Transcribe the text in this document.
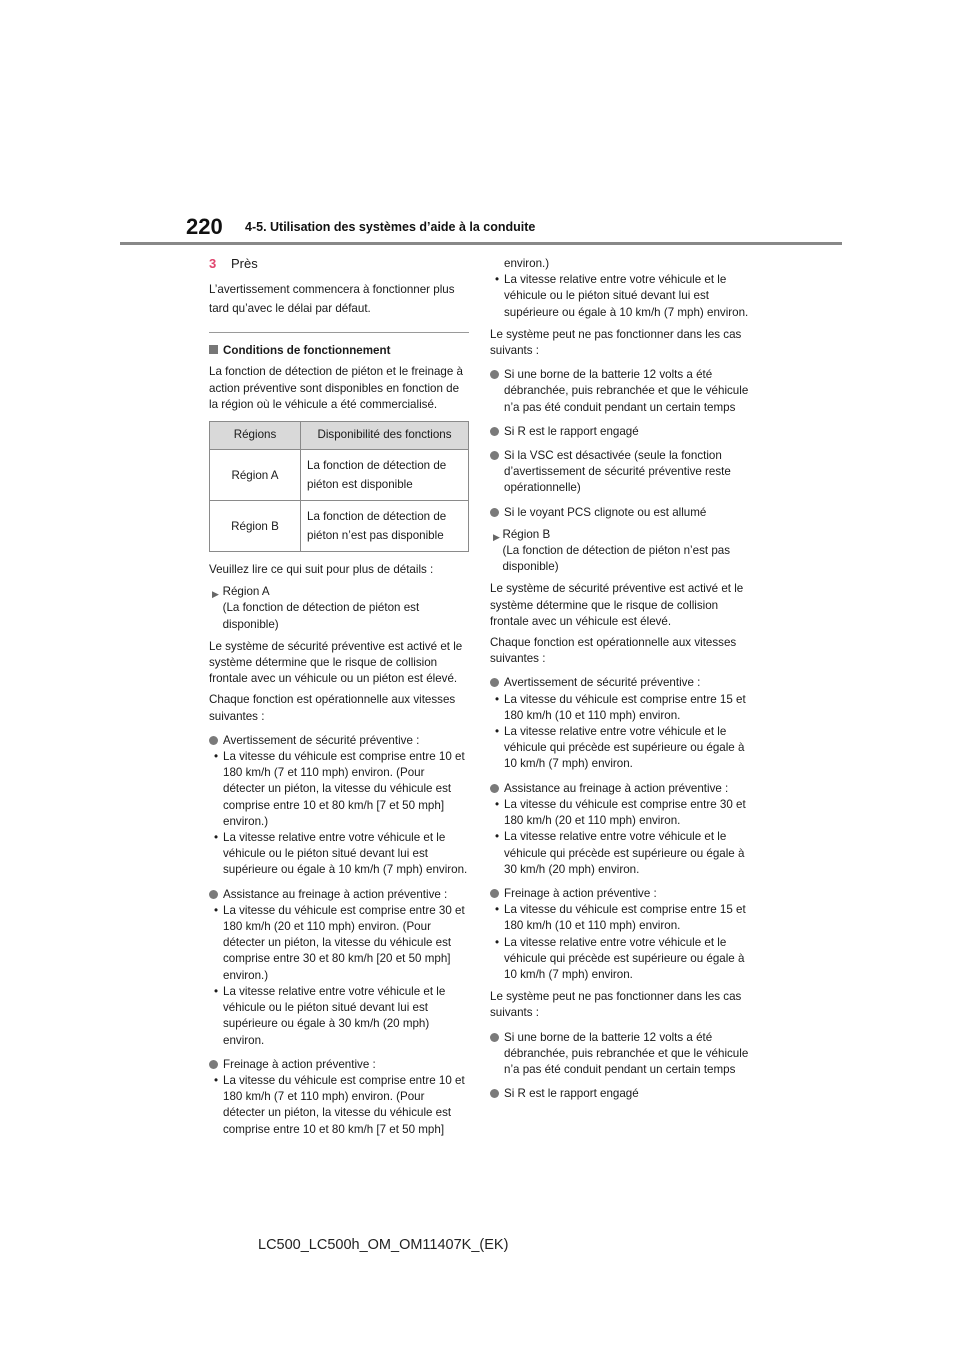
220 4-5. Utilisation des systèmes d’aide à la conduite
3	Près

L’avertissement commencera à fonctionner plus tard qu’avec le délai par défaut.

Conditions de fonctionnement

La fonction de détection de piéton et le freinage à action préventive sont disponibles en fonction de la région où le véhicule a été commercialisé.

Régions	Disponibilité des fonctions
Région A	La fonction de détection de piéton est disponible
Région B	La fonction de détection de piéton n’est pas disponible

Veuillez lire ce qui suit pour plus de détails :

▶ Région A
(La fonction de détection de piéton est disponible)

Le système de sécurité préventive est activé et le système détermine que le risque de collision frontale avec un véhicule ou un piéton est élevé.

Chaque fonction est opérationnelle aux vitesses suivantes :

Avertissement de sécurité préventive :
• La vitesse du véhicule est comprise entre 10 et 180 km/h (7 et 110 mph) environ. (Pour détecter un piéton, la vitesse du véhicule est comprise entre 10 et 80 km/h [7 et 50 mph] environ.)
• La vitesse relative entre votre véhicule et le véhicule ou le piéton situé devant lui est supérieure ou égale à 10 km/h (7 mph) environ.
Assistance au freinage à action préventive :
• La vitesse du véhicule est comprise entre 30 et 180 km/h (20 et 110 mph) environ. (Pour détecter un piéton, la vitesse du véhicule est comprise entre 30 et 80 km/h [20 et 50 mph] environ.)
• La vitesse relative entre votre véhicule et le véhicule ou le piéton situé devant lui est supérieure ou égale à 30 km/h (20 mph) environ.
Freinage à action préventive :
• La vitesse du véhicule est comprise entre 10 et 180 km/h (7 et 110 mph) environ. (Pour détecter un piéton, la vitesse du véhicule est comprise entre 10 et 80 km/h [7 et 50 mph]
environ.)
• La vitesse relative entre votre véhicule et le véhicule ou le piéton situé devant lui est supérieure ou égale à 10 km/h (7 mph) environ.

Le système peut ne pas fonctionner dans les cas suivants :

Si une borne de la batterie 12 volts a été débranchée, puis rebranchée et que le véhicule n’a pas été conduit pendant un certain temps
Si R est le rapport engagé
Si la VSC est désactivée (seule la fonction d’avertissement de sécurité préventive reste opérationnelle)
Si le voyant PCS clignote ou est allumé
▶ Région B
(La fonction de détection de piéton n’est pas disponible)

Le système de sécurité préventive est activé et le système détermine que le risque de collision frontale avec un véhicule est élevé.

Chaque fonction est opérationnelle aux vitesses suivantes :

Avertissement de sécurité préventive :
• La vitesse du véhicule est comprise entre 15 et 180 km/h (10 et 110 mph) environ.
• La vitesse relative entre votre véhicule et le véhicule qui précède est supérieure ou égale à 10 km/h (7 mph) environ.
Assistance au freinage à action préventive :
• La vitesse du véhicule est comprise entre 30 et 180 km/h (20 et 110 mph) environ.
• La vitesse relative entre votre véhicule et le véhicule qui précède est supérieure ou égale à 30 km/h (20 mph) environ.
Freinage à action préventive :
• La vitesse du véhicule est comprise entre 15 et 180 km/h (10 et 110 mph) environ.
• La vitesse relative entre votre véhicule et le véhicule qui précède est supérieure ou égale à 10 km/h (7 mph) environ.

Le système peut ne pas fonctionner dans les cas suivants :

Si une borne de la batterie 12 volts a été débranchée, puis rebranchée et que le véhicule n’a pas été conduit pendant un certain temps
Si R est le rapport engagé
LC500_LC500h_OM_OM11407K_(EK)
